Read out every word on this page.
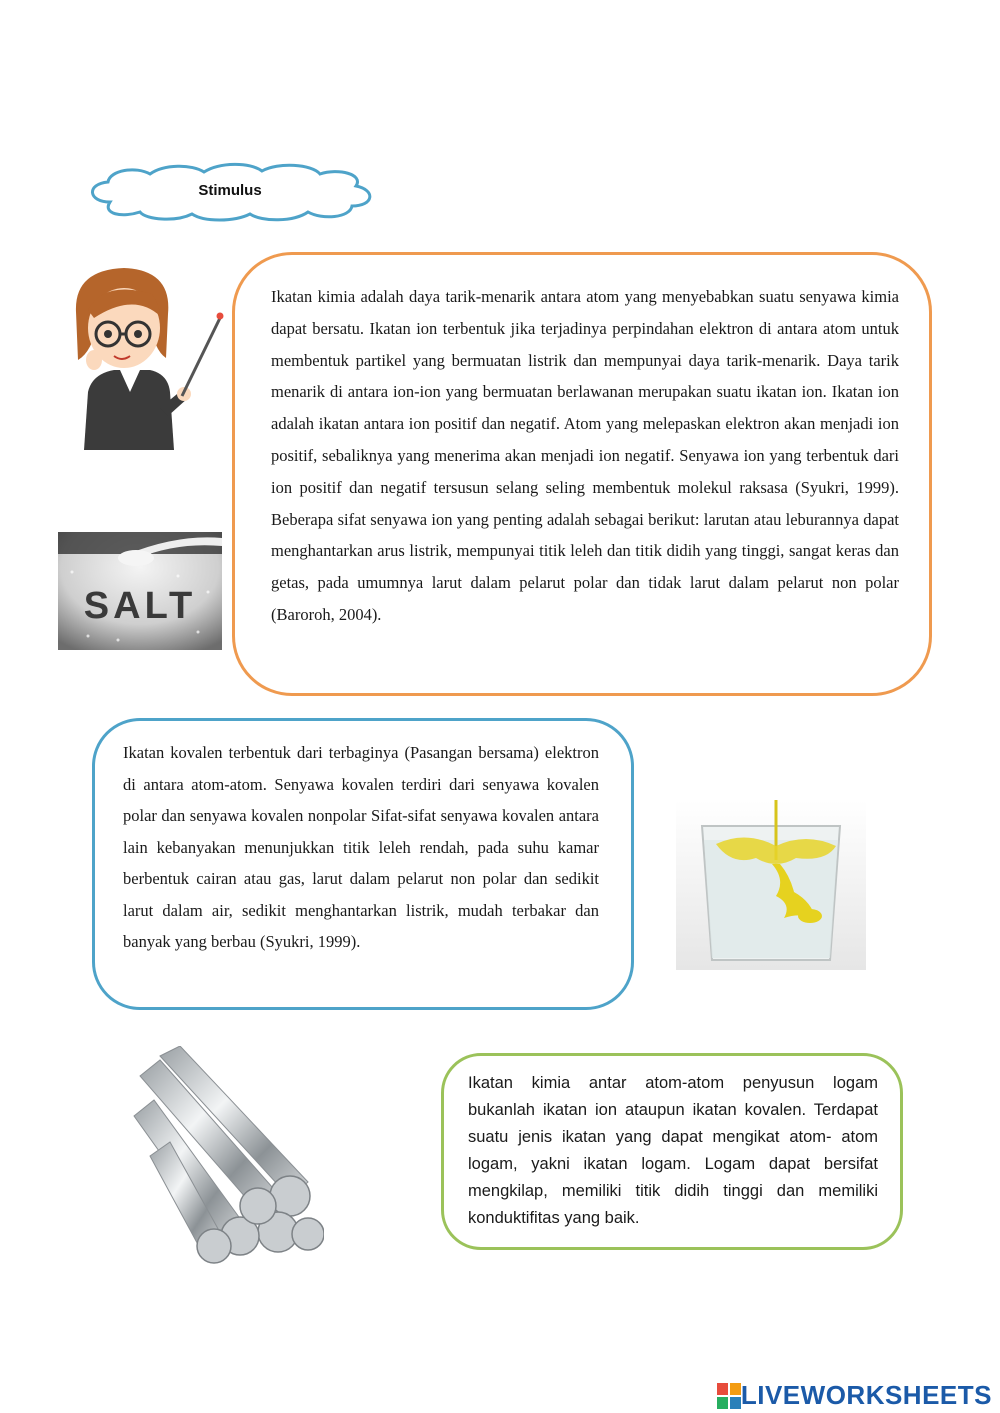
Stimulus
SALT

Ikatan kimia adalah daya tarik-menarik antara atom yang menyebabkan suatu senyawa kimia dapat bersatu. Ikatan ion terbentuk jika terjadinya perpindahan elektron di antara atom untuk membentuk partikel yang bermuatan listrik dan mempunyai daya tarik-menarik. Daya tarik menarik di antara ion-ion yang bermuatan berlawanan merupakan suatu ikatan ion. Ikatan ion adalah ikatan antara ion positif dan negatif. Atom yang melepaskan elektron akan menjadi ion positif, sebaliknya yang menerima akan menjadi ion negatif. Senyawa ion yang terbentuk dari ion positif dan negatif tersusun selang seling membentuk molekul raksasa (Syukri, 1999). Beberapa sifat senyawa ion yang penting adalah sebagai berikut: larutan atau leburannya dapat menghantarkan arus listrik, mempunyai titik leleh dan titik didih yang tinggi, sangat keras dan getas, pada umumnya larut dalam pelarut polar dan tidak larut dalam pelarut non polar (Baroroh, 2004).

Ikatan kovalen terbentuk dari terbaginya (Pasangan bersama) elektron di antara atom-atom. Senyawa kovalen terdiri dari senyawa kovalen polar dan senyawa kovalen nonpolar Sifat-sifat senyawa kovalen antara lain kebanyakan menunjukkan titik leleh rendah, pada suhu kamar berbentuk cairan atau gas, larut dalam pelarut non polar dan sedikit larut dalam air, sedikit menghantarkan listrik, mudah terbakar dan banyak yang berbau (Syukri, 1999).

Ikatan kimia antar atom-atom penyusun logam bukanlah ikatan ion ataupun ikatan kovalen. Terdapat suatu jenis ikatan yang dapat mengikat atom- atom logam, yakni ikatan logam. Logam dapat bersifat mengkilap, memiliki titik didih tinggi dan memiliki konduktifitas yang baik.

LIVEWORKSHEETS
